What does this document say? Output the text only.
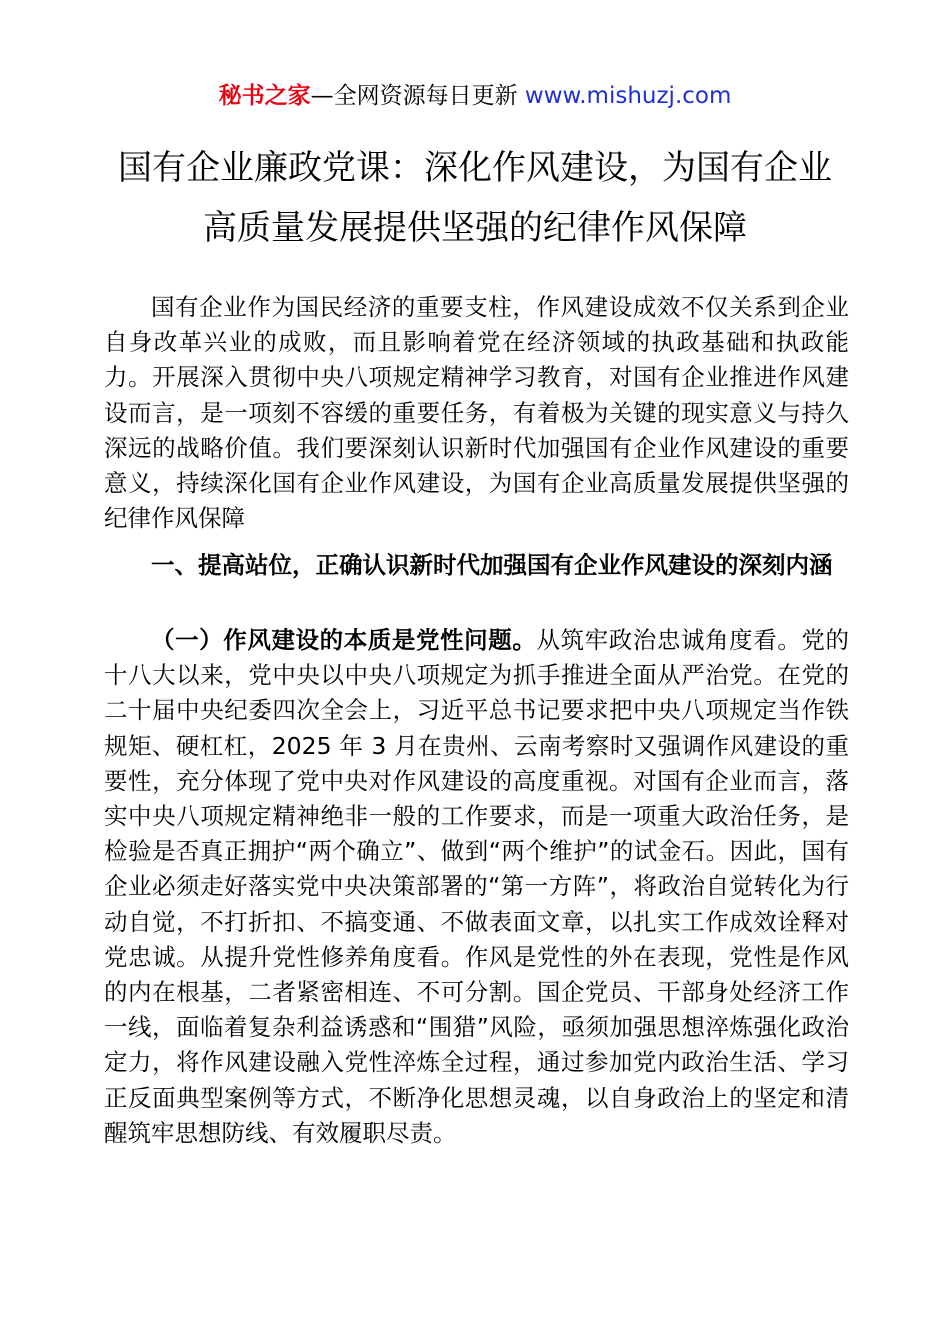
秘书之家—全网资源每日更新 www.mishuzj.com
国有企业廉政党课：深化作风建设，为国有企业
高质量发展提供坚强的纪律作风保障

国有企业作为国民经济的重要支柱，作风建设成效不仅关系到企业自身改革兴业的成败，而且影响着党在经济领域的执政基础和执政能力。开展深入贯彻中央八项规定精神学习教育，对国有企业推进作风建设而言，是一项刻不容缓的重要任务，有着极为关键的现实意义与持久深远的战略价值。我们要深刻认识新时代加强国有企业作风建设的重要意义，持续深化国有企业作风建设，为国有企业高质量发展提供坚强的纪律作风保障

一、提高站位，正确认识新时代加强国有企业作风建设的深刻内涵

（一）作风建设的本质是党性问题。从筑牢政治忠诚角度看。党的十八大以来，党中央以中央八项规定为抓手推进全面从严治党。在党的二十届中央纪委四次全会上，习近平总书记要求把中央八项规定当作铁规矩、硬杠杠，2025 年 3 月在贵州、云南考察时又强调作风建设的重要性，充分体现了党中央对作风建设的高度重视。对国有企业而言，落实中央八项规定精神绝非一般的工作要求，而是一项重大政治任务，是检验是否真正拥护“两个确立”、做到“两个维护”的试金石。因此，国有企业必须走好落实党中央决策部署的“第一方阵”，将政治自觉转化为行动自觉，不打折扣、不搞变通、不做表面文章，以扎实工作成效诠释对党忠诚。从提升党性修养角度看。作风是党性的外在表现，党性是作风的内在根基，二者紧密相连、不可分割。国企党员、干部身处经济工作一线，面临着复杂利益诱惑和“围猎”风险，亟须加强思想淬炼强化政治定力，将作风建设融入党性淬炼全过程，通过参加党内政治生活、学习正反面典型案例等方式，不断净化思想灵魂，以自身政治上的坚定和清醒筑牢思想防线、有效履职尽责。
